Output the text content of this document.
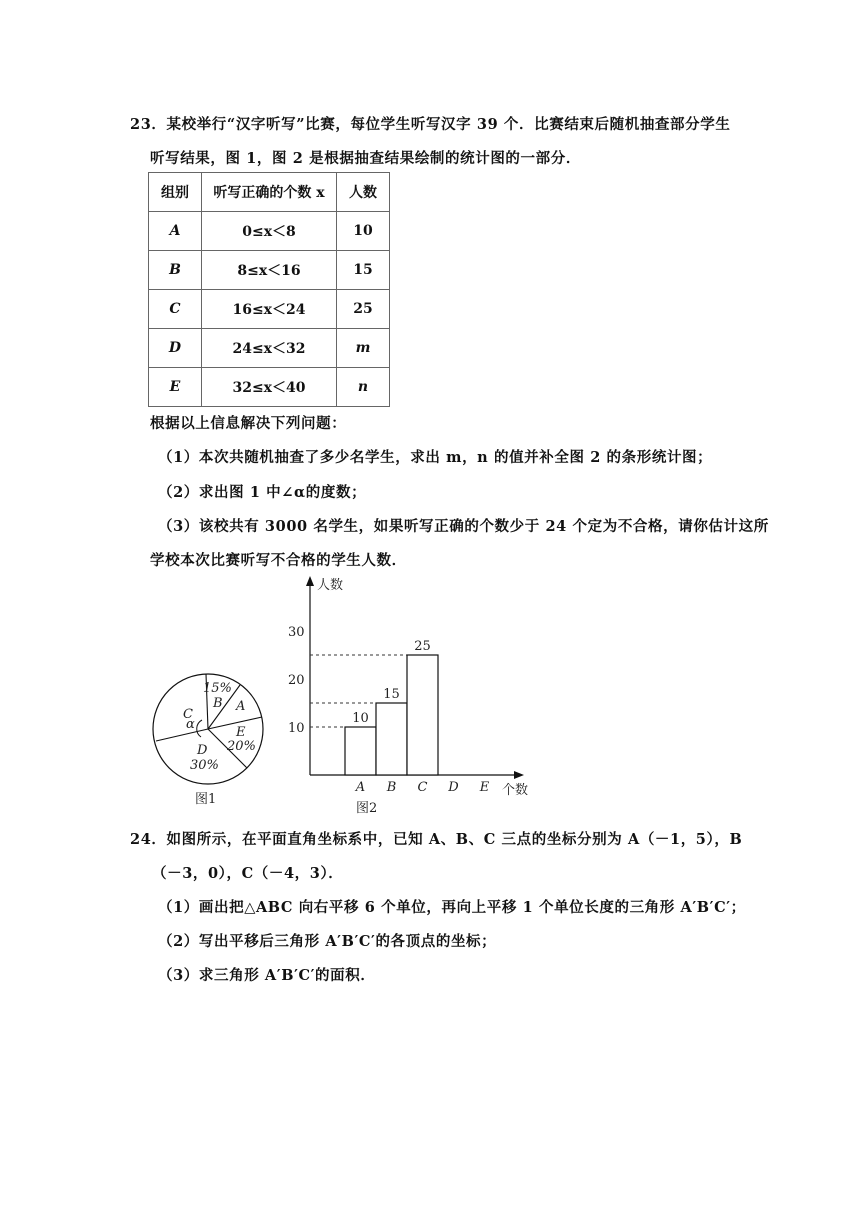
23．某校举行“汉字听写”比赛，每位学生听写汉字 39 个．比赛结束后随机抽查部分学生
听写结果，图 1，图 2 是根据抽查结果绘制的统计图的一部分．
组别	听写正确的个数 x	人数
A	0≤x＜8	10
B	8≤x＜16	15
C	16≤x＜24	25
D	24≤x＜32	m
E	32≤x＜40	n
根据以上信息解决下列问题：
（1）本次共随机抽查了多少名学生，求出 m，n 的值并补全图 2 的条形统计图；
（2）求出图 1 中∠α的度数；
（3）该校共有 3000 名学生，如果听写正确的个数少于 24 个定为不合格，请你估计这所
学校本次比赛听写不合格的学生人数．
15%
B A
C
α
E
20%
D
30%
图1
人数
个数
图2
10
20
30
10
A
15
B
25
C D E
24．如图所示，在平面直角坐标系中，已知 A、B、C 三点的坐标分别为 A（－1，5），B
（－3，0），C（－4，3）．
（1）画出把△ABC 向右平移 6 个单位，再向上平移 1 个单位长度的三角形 A′B′C′；
（2）写出平移后三角形 A′B′C′的各顶点的坐标；
（3）求三角形 A′B′C′的面积．
